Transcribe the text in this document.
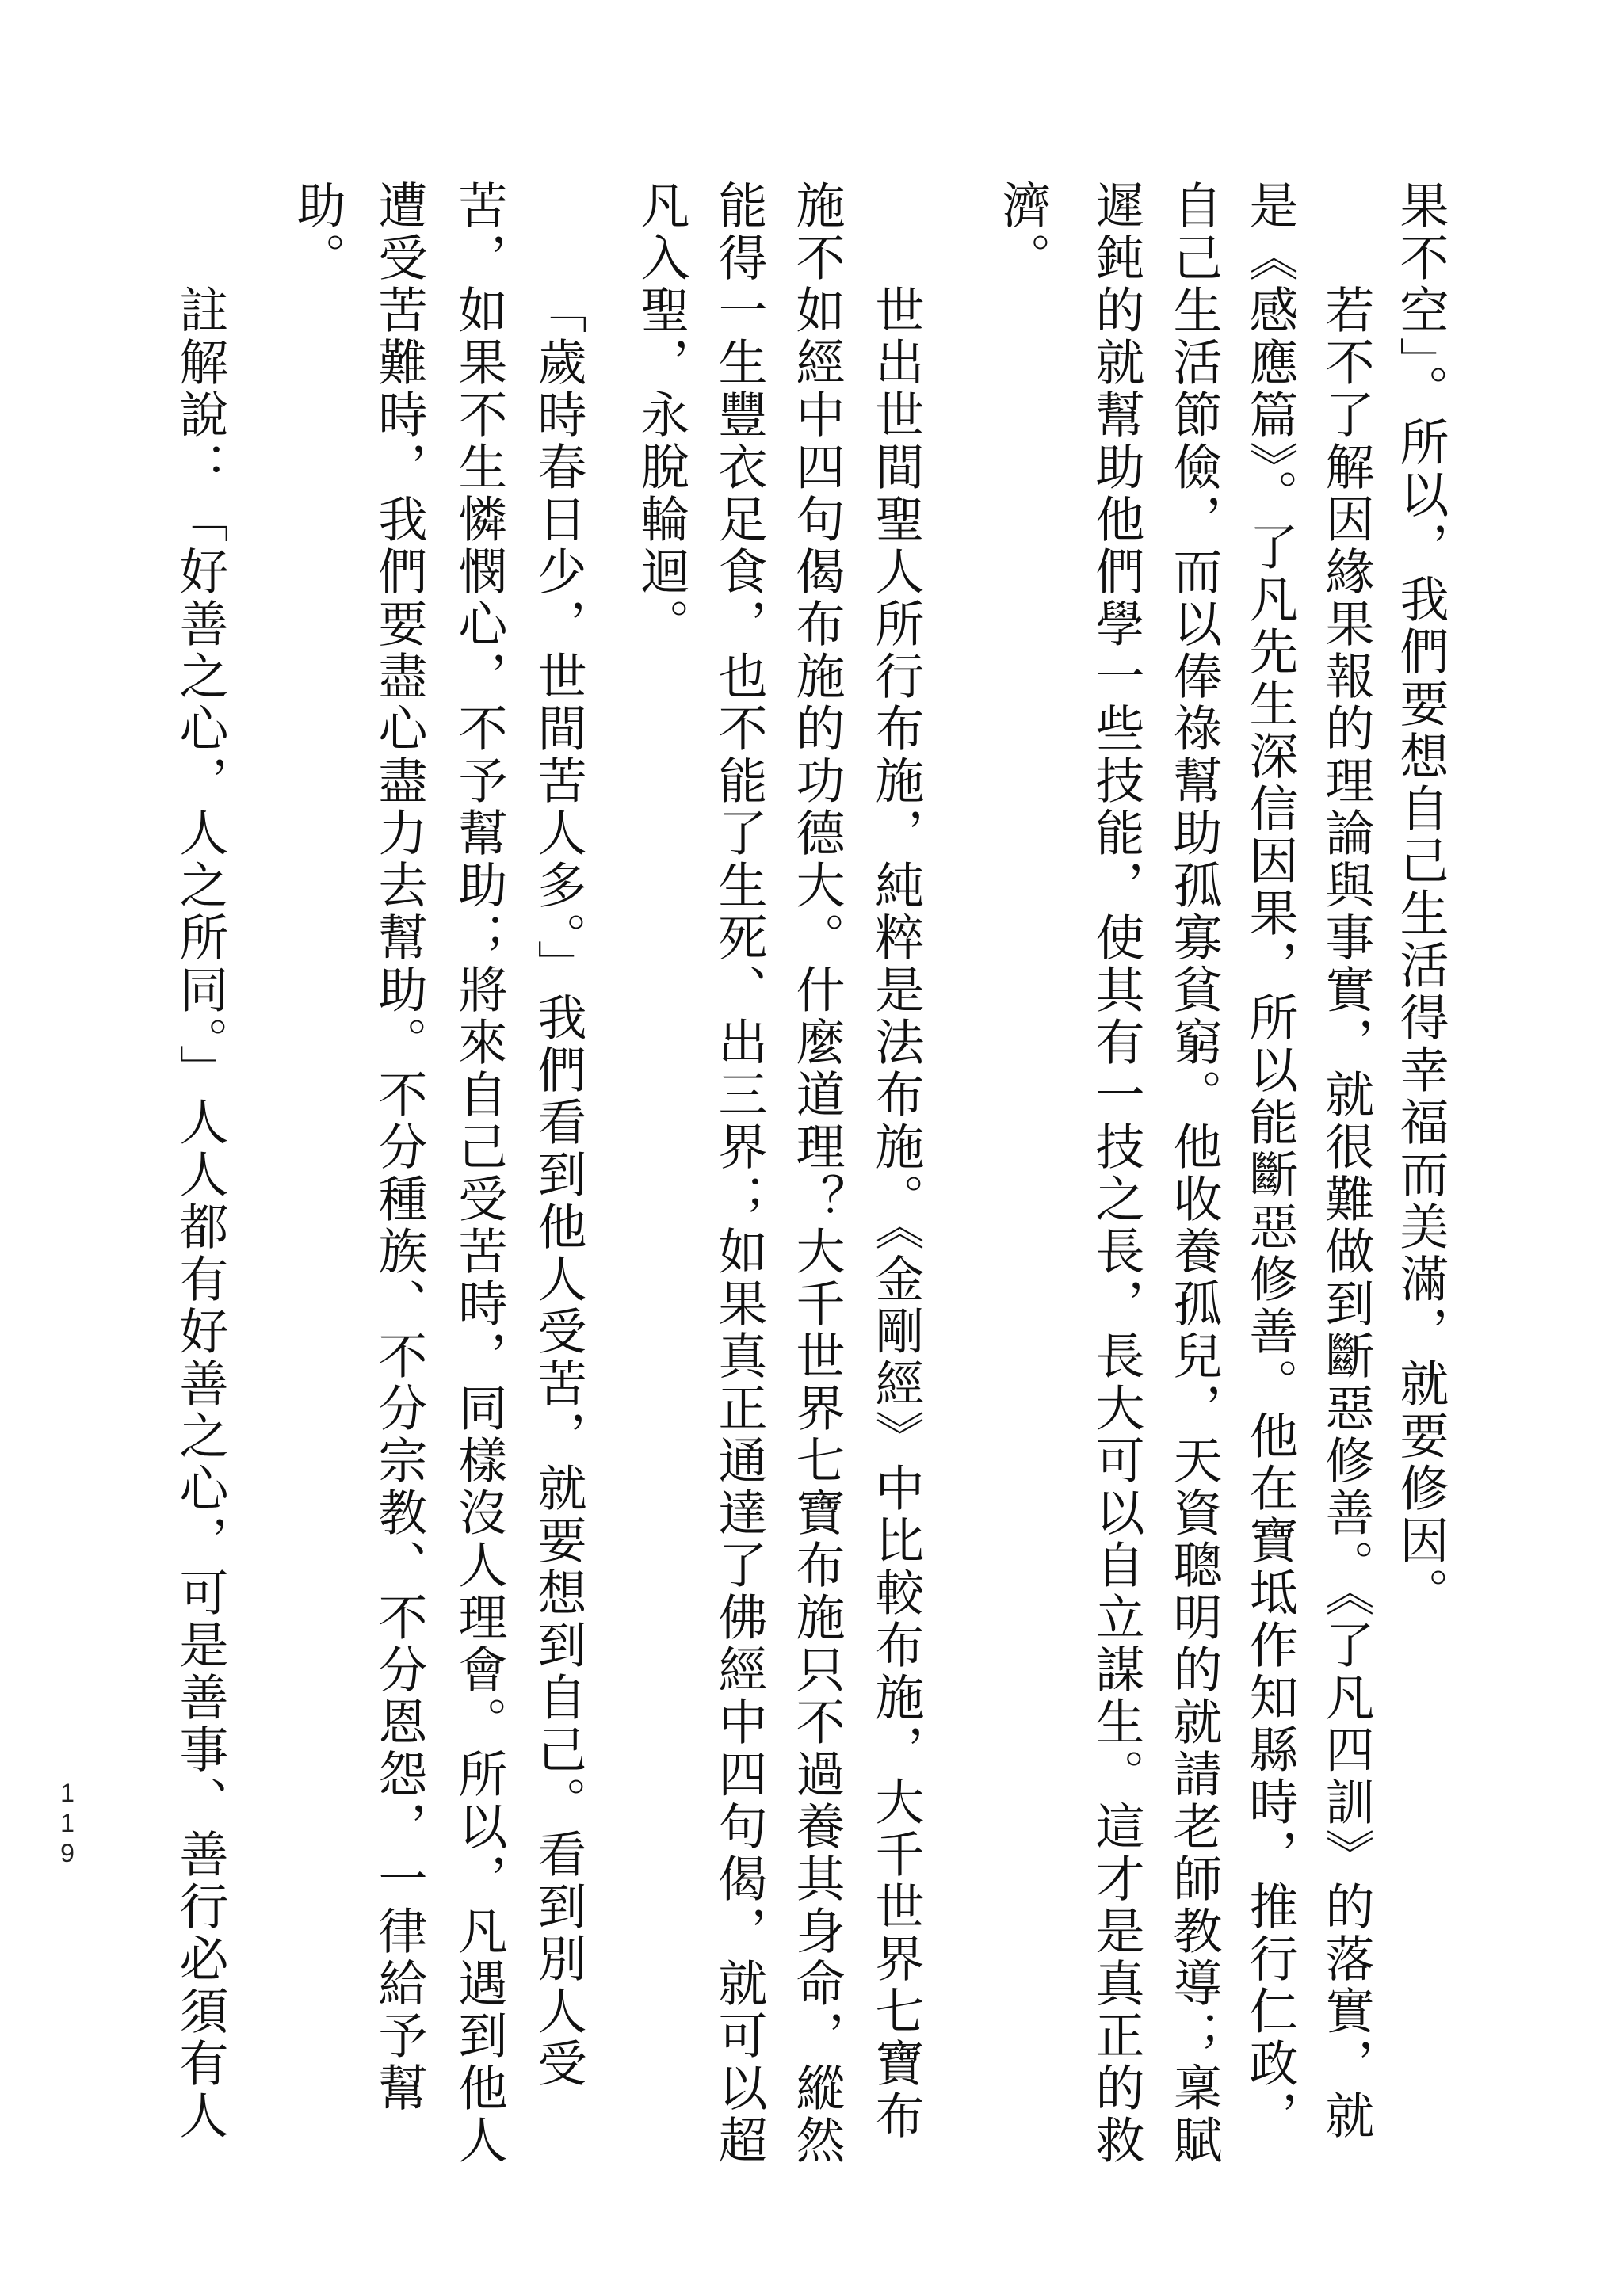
果不空」。所以，我們要想自己生活得幸福而美滿，就要修因。
若不了解因緣果報的理論與事實，就很難做到斷惡修善。《了凡四訓》的落實，就
是《感應篇》。了凡先生深信因果，所以能斷惡修善。他在寶坻作知縣時，推行仁政，
自己生活節儉，而以俸祿幫助孤寡貧窮。他收養孤兒，天資聰明的就請老師教導；稟賦
遲鈍的就幫助他們學一些技能，使其有一技之長，長大可以自立謀生。這才是真正的救
濟。
世出世間聖人所行布施，純粹是法布施。《金剛經》中比較布施，大千世界七寶布
施不如經中四句偈布施的功德大。什麼道理？大千世界七寶布施只不過養其身命，縱然
能得一生豐衣足食，也不能了生死、出三界；如果真正通達了佛經中四句偈，就可以超
凡入聖，永脫輪迴。
「歲時春日少，世間苦人多。」我們看到他人受苦，就要想到自己。看到別人受
苦，如果不生憐憫心，不予幫助；將來自己受苦時，同樣沒人理會。所以，凡遇到他人
遭受苦難時，我們要盡心盡力去幫助。不分種族、不分宗教、不分恩怨，一律給予幫
助。
註解說：「好善之心，人之所同。」人人都有好善之心，可是善事、善行必須有人
119
